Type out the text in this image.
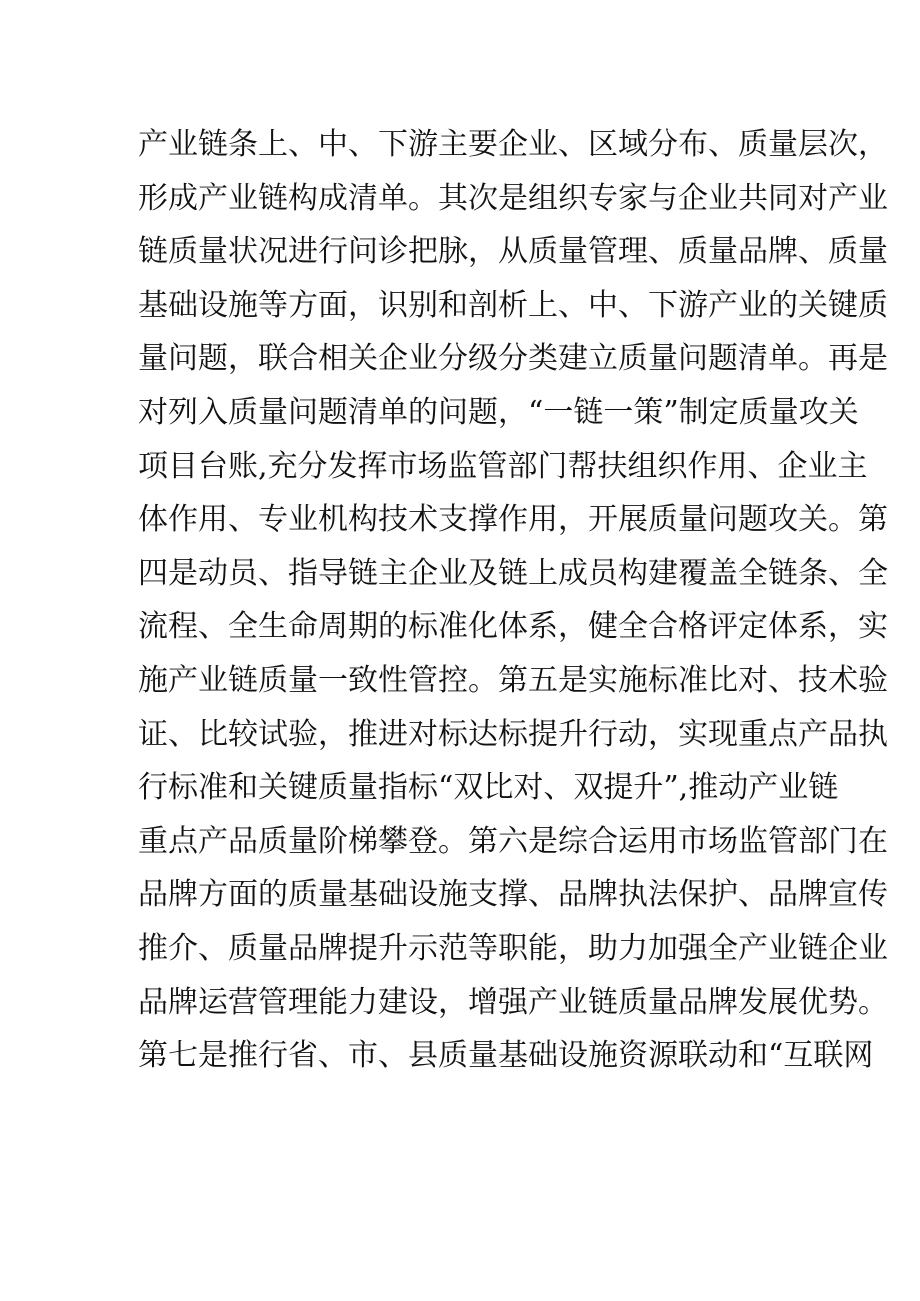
产业链条上、中、下游主要企业、区域分布、质量层次，
形成产业链构成清单。其次是组织专家与企业共同对产业
链质量状况进行问诊把脉，从质量管理、质量品牌、质量
基础设施等方面，识别和剖析上、中、下游产业的关键质
量问题，联合相关企业分级分类建立质量问题清单。再是
对列入质量问题清单的问题，“一链一策”制定质量攻关
项目台账,充分发挥市场监管部门帮扶组织作用、企业主
体作用、专业机构技术支撑作用，开展质量问题攻关。第
四是动员、指导链主企业及链上成员构建覆盖全链条、全
流程、全生命周期的标准化体系，健全合格评定体系，实
施产业链质量一致性管控。第五是实施标准比对、技术验
证、比较试验，推进对标达标提升行动，实现重点产品执
行标准和关键质量指标“双比对、双提升”,推动产业链
重点产品质量阶梯攀登。第六是综合运用市场监管部门在
品牌方面的质量基础设施支撑、品牌执法保护、品牌宣传
推介、质量品牌提升示范等职能，助力加强全产业链企业
品牌运营管理能力建设，增强产业链质量品牌发展优势。
第七是推行省、市、县质量基础设施资源联动和“互联网
